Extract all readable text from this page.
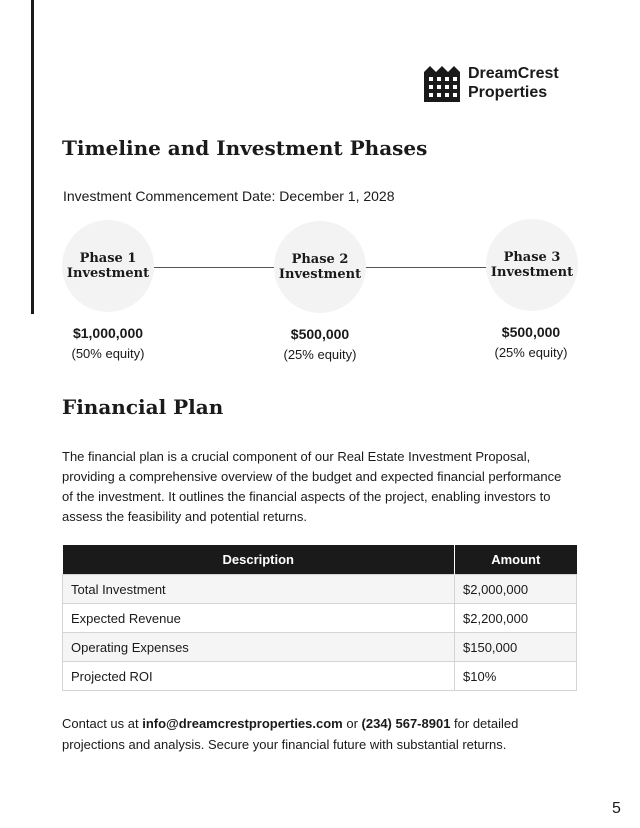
DreamCrest
Properties
Timeline and Investment Phases
Investment Commencement Date: December 1, 2028
Phase 1
Investment
Phase 2
Investment
Phase 3
Investment
$1,000,000
(50% equity)
$500,000
(25% equity)
$500,000
(25% equity)
Financial Plan

The financial plan is a crucial component of our Real Estate Investment Proposal, providing a comprehensive overview of the budget and expected financial performance of the investment. It outlines the financial aspects of the project, enabling investors to assess the feasibility and potential returns.

Description	Amount
Total Investment	$2,000,000
Expected Revenue	$2,200,000
Operating Expenses	$150,000
Projected ROI	$10%

Contact us at info@dreamcrestproperties.com or (234) 567-8901 for detailed projections and analysis. Secure your financial future with substantial returns.

5
